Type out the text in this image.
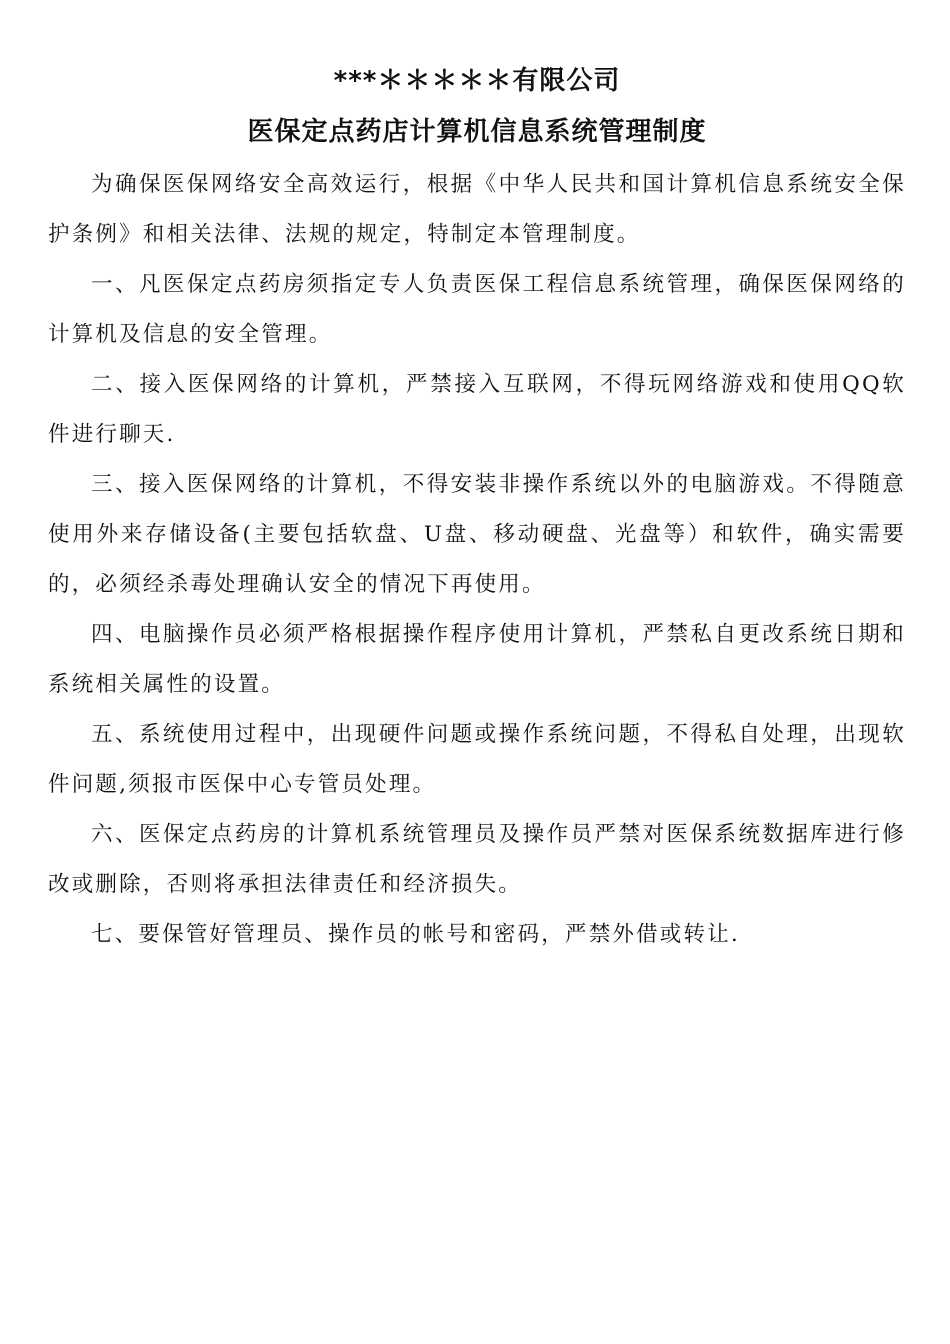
***＊＊＊＊＊有限公司
医保定点药店计算机信息系统管理制度

为确保医保网络安全高效运行，根据《中华人民共和国计算机信息系统安全保护条例》和相关法律、法规的规定，特制定本管理制度。

一、凡医保定点药房须指定专人负责医保工程信息系统管理，确保医保网络的计算机及信息的安全管理。

二、接入医保网络的计算机，严禁接入互联网，不得玩网络游戏和使用QQ软件进行聊天.

三、接入医保网络的计算机，不得安装非操作系统以外的电脑游戏。不得随意使用外来存储设备(主要包括软盘、U盘、移动硬盘、光盘等）和软件，确实需要的，必须经杀毒处理确认安全的情况下再使用。

四、电脑操作员必须严格根据操作程序使用计算机，严禁私自更改系统日期和系统相关属性的设置。

五、系统使用过程中，出现硬件问题或操作系统问题，不得私自处理，出现软件问题,须报市医保中心专管员处理。

六、医保定点药房的计算机系统管理员及操作员严禁对医保系统数据库进行修改或删除，否则将承担法律责任和经济损失。

七、要保管好管理员、操作员的帐号和密码，严禁外借或转让.
